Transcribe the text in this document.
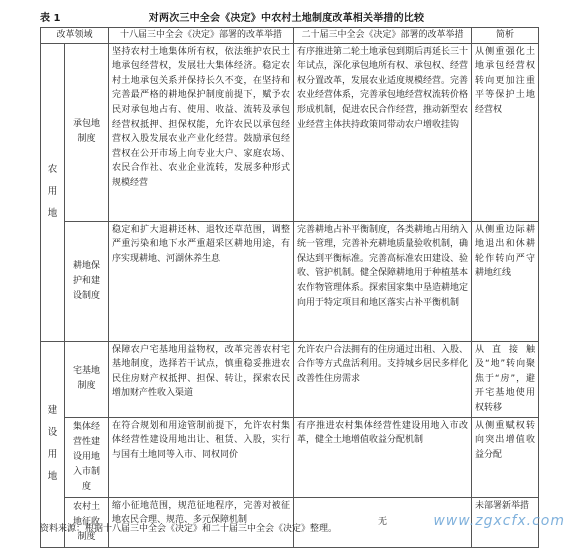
表 1	对两次三中全会《决定》中农村土地制度改革相关举措的比较
改革领域		十八届三中全会《决定》部署的改革举措	二十届三中全会《决定》部署的改革举措	简析
农用地	承包地制度	坚持农村土地集体所有权，依法维护农民土地承包经营权，发展壮大集体经济。稳定农村土地承包关系并保持长久不变，在坚持和完善最严格的耕地保护制度前提下，赋予农民对承包地占有、使用、收益、流转及承包经营权抵押、担保权能，允许农民以承包经营权入股发展农业产业化经营。鼓励承包经营权在公开市场上向专业大户、家庭农场、农民合作社、农业企业流转，发展多种形式规模经营	有序推进第二轮土地承包到期后再延长三十年试点，深化承包地所有权、承包权、经营权分置改革，发展农业适度规模经营。完善农业经营体系，完善承包地经营权流转价格形成机制，促进农民合作经营，推动新型农业经营主体扶持政策同带动农户增收挂钩	从侧重强化土地承包经营权转向更加注重平等保护土地经营权
	耕地保护和建设制度	稳定和扩大退耕还林、退牧还草范围，调整严重污染和地下水严重超采区耕地用途，有序实现耕地、河湖休养生息	完善耕地占补平衡制度，各类耕地占用纳入统一管理，完善补充耕地质量验收机制，确保达到平衡标准。完善高标准农田建设、验收、管护机制。健全保障耕地用于种植基本农作物管理体系。探索国家集中垦造耕地定向用于特定项目和地区落实占补平衡机制	从侧重边际耕地退出和休耕轮作转向严守耕地红线
建设用地	宅基地制度	保障农户宅基地用益物权，改革完善农村宅基地制度，选择若干试点，慎重稳妥推进农民住房财产权抵押、担保、转让，探索农民增加财产性收入渠道	允许农户合法拥有的住房通过出租、入股、合作等方式盘活利用。支持城乡居民多样化改善性住房需求	从直接触及“地”转向聚焦于“房”，避开宅基地使用权转移
	集体经营性建设用地入市制度	在符合规划和用途管制前提下，允许农村集体经营性建设用地出让、租赁、入股，实行与国有土地同等入市、同权同价	有序推进农村集体经营性建设用地入市改革，健全土地增值收益分配机制	从侧重赋权转向突出增值收益分配
	农村土地征收制度	缩小征地范围，规范征地程序，完善对被征地农民合理、规范、多元保障机制	无	未部署新举措
资料来源：根据十八届三中全会《决定》和二十届三中全会《决定》整理。	www.zgxcfx.com
